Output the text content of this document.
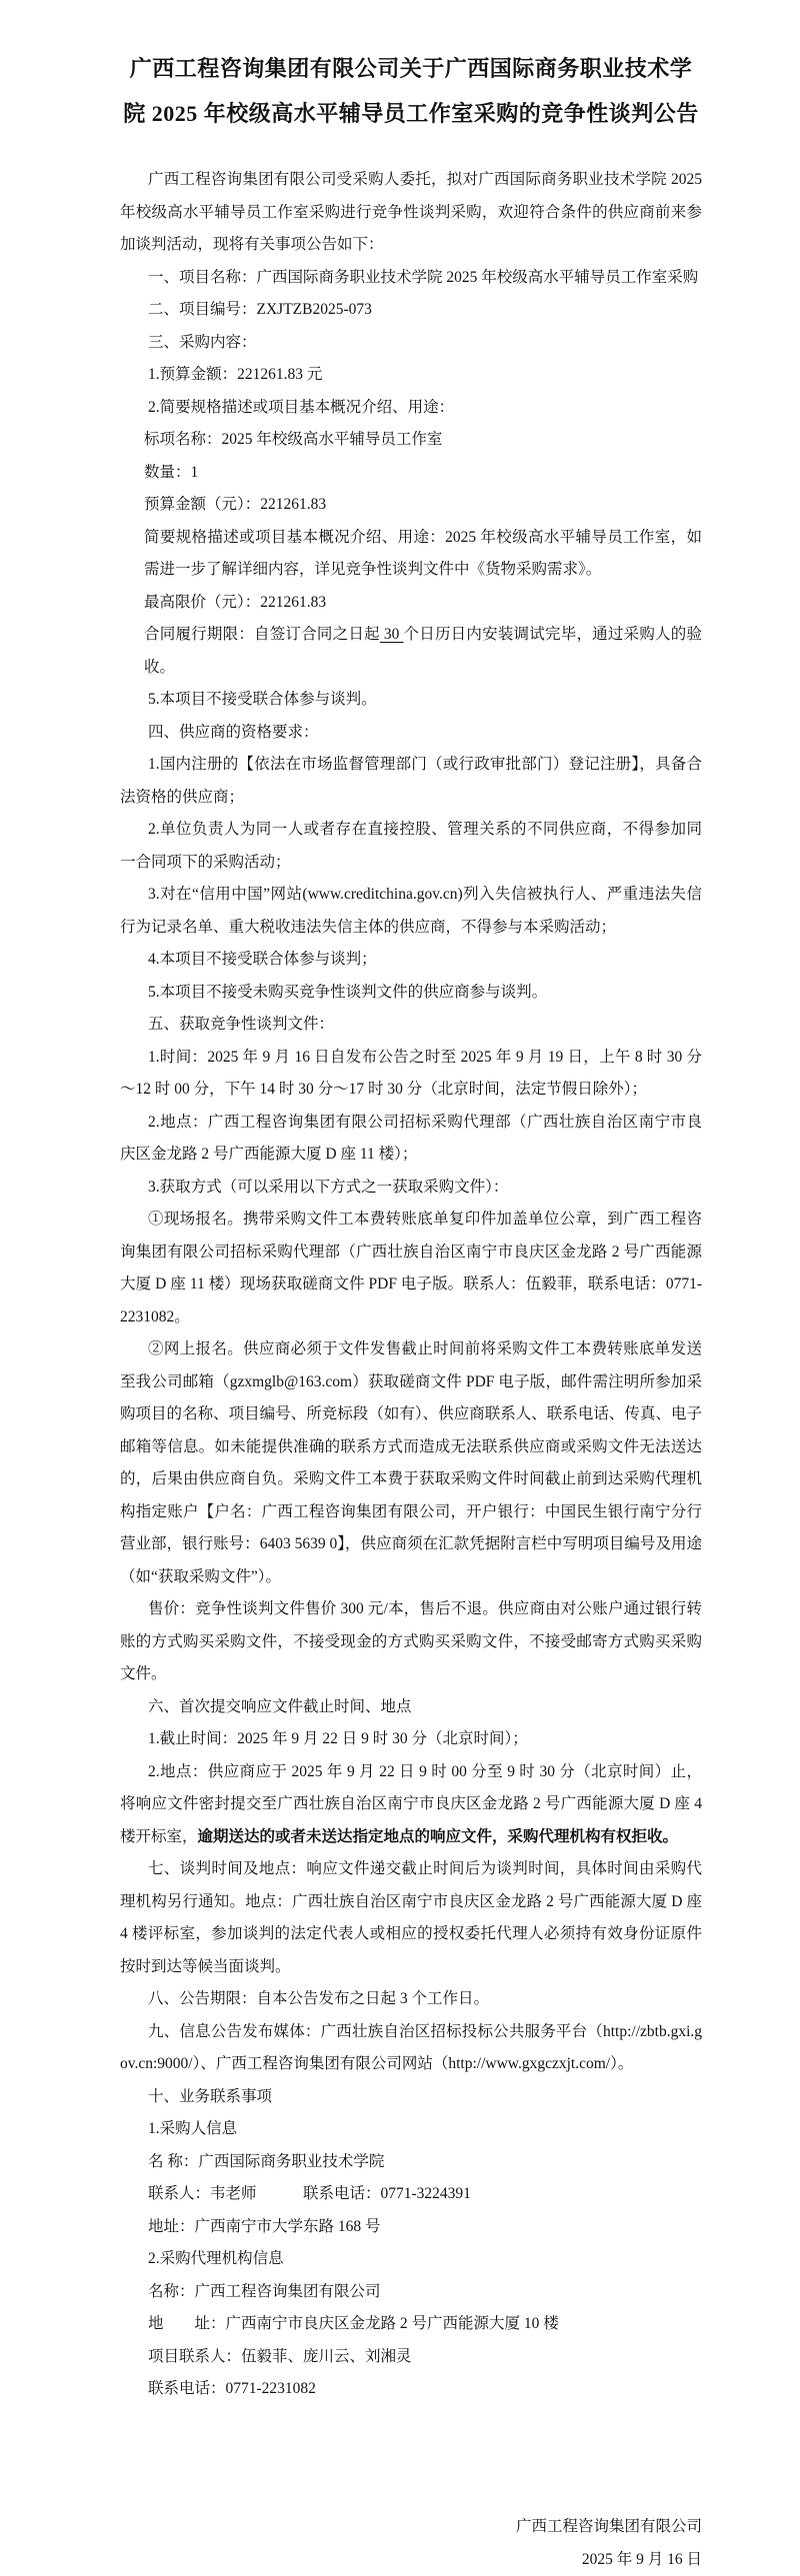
广西工程咨询集团有限公司关于广西国际商务职业技术学
院 2025 年校级高水平辅导员工作室采购的竞争性谈判公告

广西工程咨询集团有限公司受采购人委托，拟对广西国际商务职业技术学院 2025 年校级高水平辅导员工作室采购进行竞争性谈判采购，欢迎符合条件的供应商前来参加谈判活动，现将有关事项公告如下：

一、项目名称：广西国际商务职业技术学院 2025 年校级高水平辅导员工作室采购

二、项目编号：ZXJTZB2025-073

三、采购内容：

1.预算金额：221261.83 元

2.简要规格描述或项目基本概况介绍、用途：

标项名称：2025 年校级高水平辅导员工作室

数量：1

预算金额（元）：221261.83

简要规格描述或项目基本概况介绍、用途：2025 年校级高水平辅导员工作室，如需进一步了解详细内容，详见竞争性谈判文件中《货物采购需求》。

最高限价（元）：221261.83

合同履行期限：自签订合同之日起 30 个日历日内安装调试完毕，通过采购人的验收。

5.本项目不接受联合体参与谈判。

四、供应商的资格要求：

1.国内注册的【依法在市场监督管理部门（或行政审批部门）登记注册】，具备合法资格的供应商；

2.单位负责人为同一人或者存在直接控股、管理关系的不同供应商，不得参加同一合同项下的采购活动；

3.对在“信用中国”网站(www.creditchina.gov.cn)列入失信被执行人、严重违法失信行为记录名单、重大税收违法失信主体的供应商，不得参与本采购活动；

4.本项目不接受联合体参与谈判；

5.本项目不接受未购买竞争性谈判文件的供应商参与谈判。

五、获取竞争性谈判文件：

1.时间：2025 年 9 月 16 日自发布公告之时至 2025 年 9 月 19 日，上午 8 时 30 分～12 时 00 分，下午 14 时 30 分～17 时 30 分（北京时间，法定节假日除外）；

2.地点：广西工程咨询集团有限公司招标采购代理部（广西壮族自治区南宁市良庆区金龙路 2 号广西能源大厦 D 座 11 楼）；

3.获取方式（可以采用以下方式之一获取采购文件）：

①现场报名。携带采购文件工本费转账底单复印件加盖单位公章，到广西工程咨询集团有限公司招标采购代理部（广西壮族自治区南宁市良庆区金龙路 2 号广西能源大厦 D 座 11 楼）现场获取磋商文件 PDF 电子版。联系人：伍毅菲，联系电话：0771-2231082。

②网上报名。供应商必须于文件发售截止时间前将采购文件工本费转账底单发送至我公司邮箱（gzxmglb@163.com）获取磋商文件 PDF 电子版，邮件需注明所参加采购项目的名称、项目编号、所竞标段（如有）、供应商联系人、联系电话、传真、电子邮箱等信息。如未能提供准确的联系方式而造成无法联系供应商或采购文件无法送达的，后果由供应商自负。采购文件工本费于获取采购文件时间截止前到达采购代理机构指定账户【户名：广西工程咨询集团有限公司，开户银行：中国民生银行南宁分行营业部，银行账号：6403 5639 0】，供应商须在汇款凭据附言栏中写明项目编号及用途（如“获取采购文件”）。

售价：竞争性谈判文件售价 300 元/本，售后不退。供应商由对公账户通过银行转账的方式购买采购文件，不接受现金的方式购买采购文件，不接受邮寄方式购买采购文件。

六、首次提交响应文件截止时间、地点

1.截止时间：2025 年 9 月 22 日 9 时 30 分（北京时间）；

2.地点：供应商应于 2025 年 9 月 22 日 9 时 00 分至 9 时 30 分（北京时间）止，将响应文件密封提交至广西壮族自治区南宁市良庆区金龙路 2 号广西能源大厦 D 座 4 楼开标室，逾期送达的或者未送达指定地点的响应文件，采购代理机构有权拒收。

七、谈判时间及地点：响应文件递交截止时间后为谈判时间，具体时间由采购代理机构另行通知。地点：广西壮族自治区南宁市良庆区金龙路 2 号广西能源大厦 D 座 4 楼评标室，参加谈判的法定代表人或相应的授权委托代理人必须持有效身份证原件按时到达等候当面谈判。

八、公告期限：自本公告发布之日起 3 个工作日。

九、信息公告发布媒体：广西壮族自治区招标投标公共服务平台（http://zbtb.gxi.gov.cn:9000/）、广西工程咨询集团有限公司网站（http://www.gxgczxjt.com/）。

十、业务联系事项

1.采购人信息

名 称：广西国际商务职业技术学院

联系人：韦老师　　　联系电话：0771-3224391

地址：广西南宁市大学东路 168 号

2.采购代理机构信息

名称：广西工程咨询集团有限公司

地　　址：广西南宁市良庆区金龙路 2 号广西能源大厦 10 楼

项目联系人：伍毅菲、庞川云、刘湘灵

联系电话：0771-2231082

广西工程咨询集团有限公司
2025 年 9 月 16 日
